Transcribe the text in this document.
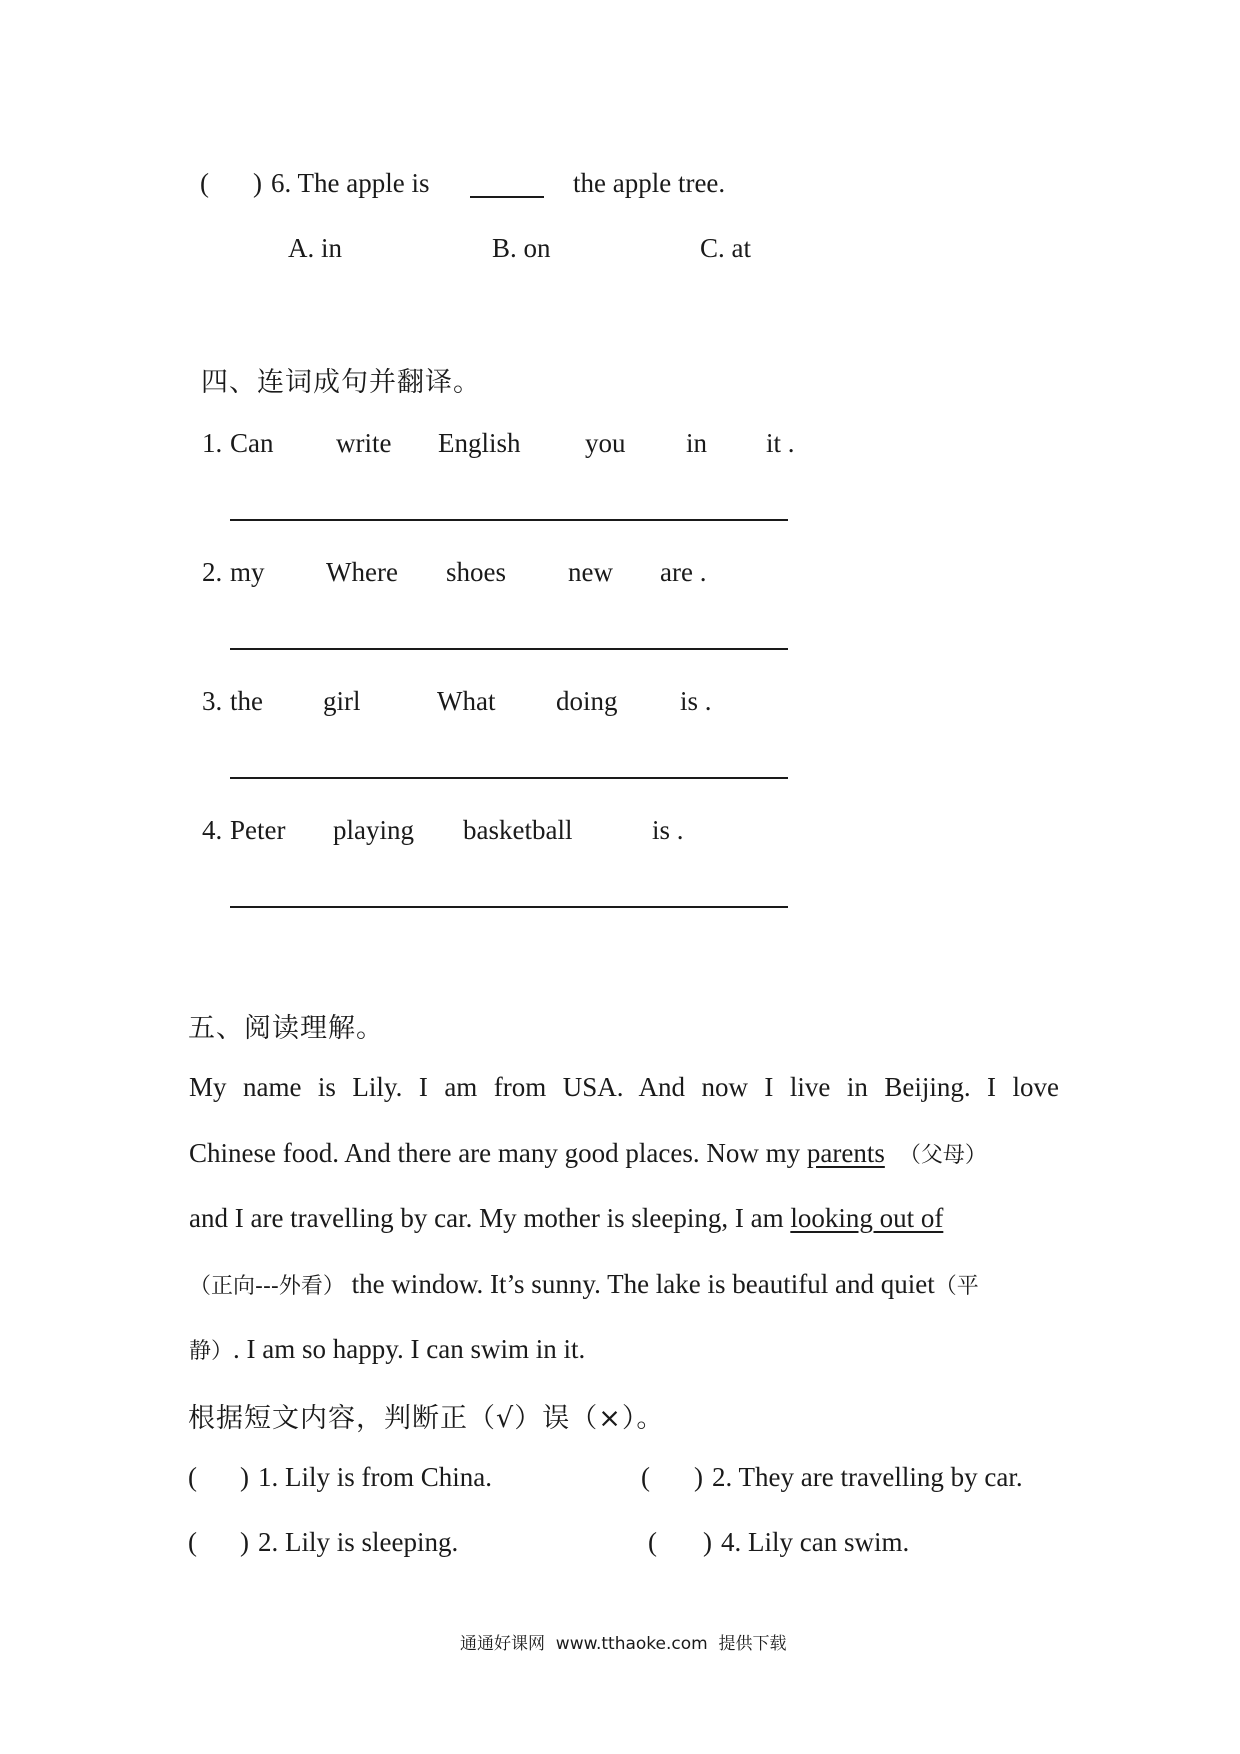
( ) 6. The apple is	the apple tree.
A. in	B. on	C. at
四、连词成句并翻译。
1. Can write English you in it .
2. my Where shoes new are .
3. the girl	What doing is .
4. Peter playing basketball	is .
五、阅读理解。
My name is Lily. I am from USA. And now I live in Beijing. I love
Chinese food. And there are many good places. Now my parents （父母）
and I are travelling by car. My mother is sleeping, I am looking out of
（正向---外看） the window. It’s sunny. The lake is beautiful and quiet（平
静）. I am so happy. I can swim in it.
根据短文内容，判断正（√）误（×）。
( ) 1. Lily is from China.	( ) 2. They are travelling by car.
( ) 2. Lily is sleeping.	( ) 4. Lily can swim.
通通好课网  www.tthaoke.com  提供下载
